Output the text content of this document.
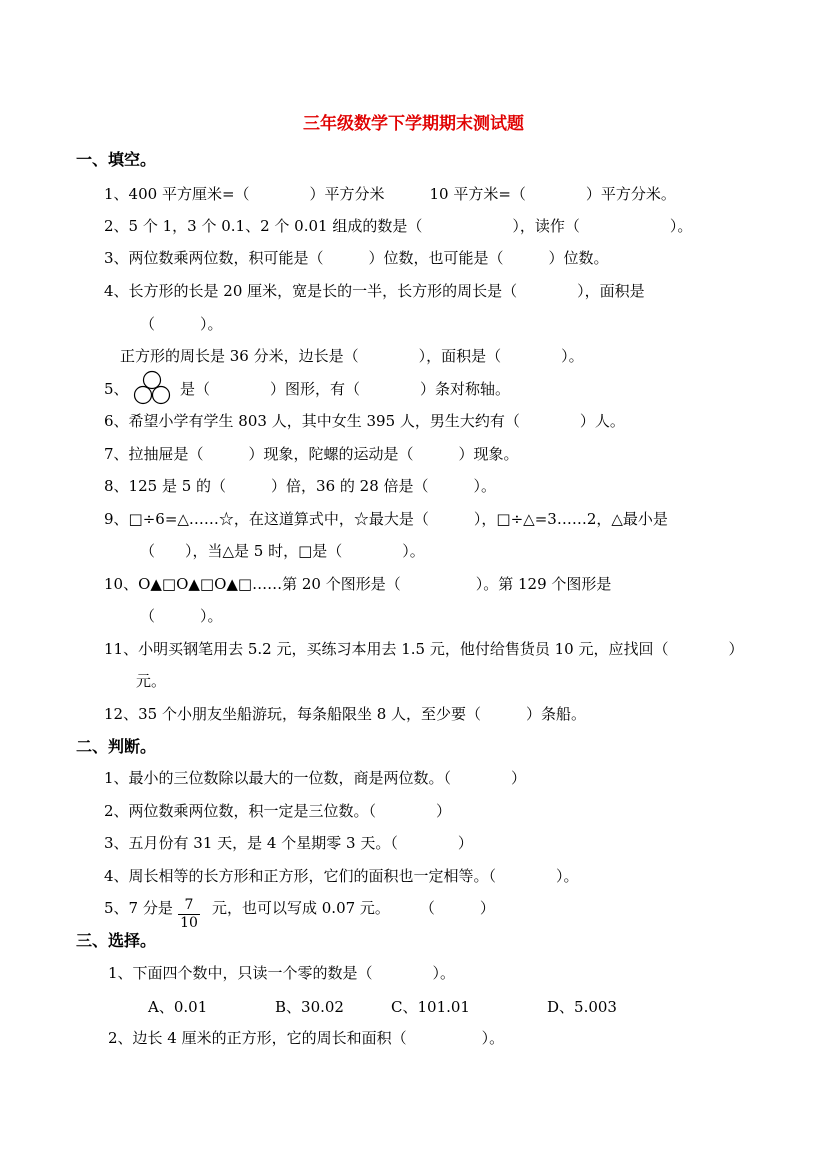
三年级数学下学期期末测试题
一、填空。
1、400 平方厘米=（　　　　）平方分米　　　10 平方米=（　　　　）平方分米。
2、5 个 1，3 个 0.1、2 个 0.01 组成的数是（　　　　　　），读作（　　　　　　）。
3、两位数乘两位数，积可能是（　　　）位数，也可能是（　　　）位数。
4、长方形的长是 20 厘米，宽是长的一半，长方形的周长是（　　　　），面积是
（　　　）。
正方形的周长是 36 分米，边长是（　　　　），面积是（　　　　）。
5、	是（　　　　）图形，有（　　　　）条对称轴。
6、希望小学有学生 803 人，其中女生 395 人，男生大约有（　　　　）人。
7、拉抽屉是（　　　）现象，陀螺的运动是（　　　）现象。
8、125 是 5 的（　　　）倍，36 的 28 倍是（　　　）。
9、□÷6=△……☆，在这道算式中，☆最大是（　　　），□÷△=3……2，△最小是
（　　），当△是 5 时，□是（　　　　）。
10、O▲□O▲□O▲□……第 20 个图形是（　　　　　）。第 129 个图形是
（　　　）。
11、小明买钢笔用去 5.2 元，买练习本用去 1.5 元，他付给售货员 10 元，应找回（　　　　）
元。
12、35 个小朋友坐船游玩，每条船限坐 8 人，至少要（　　　）条船。
二、判断。
1、最小的三位数除以最大的一位数，商是两位数。（　　　　）
2、两位数乘两位数，积一定是三位数。（　　　　）
3、五月份有 31 天，是 4 个星期零 3 天。（　　　　）
4、周长相等的长方形和正方形，它们的面积也一定相等。（　　　　）。
5、7 分是 $\frac{7}{10}$ 元，也可以写成 0.07 元。　　　（　　　）
三、选择。
1、下面四个数中，只读一个零的数是（　　　　）。
A、0.01	B、30.02	C、101.01	D、5.003
2、边长 4 厘米的正方形，它的周长和面积（　　　　　）。
